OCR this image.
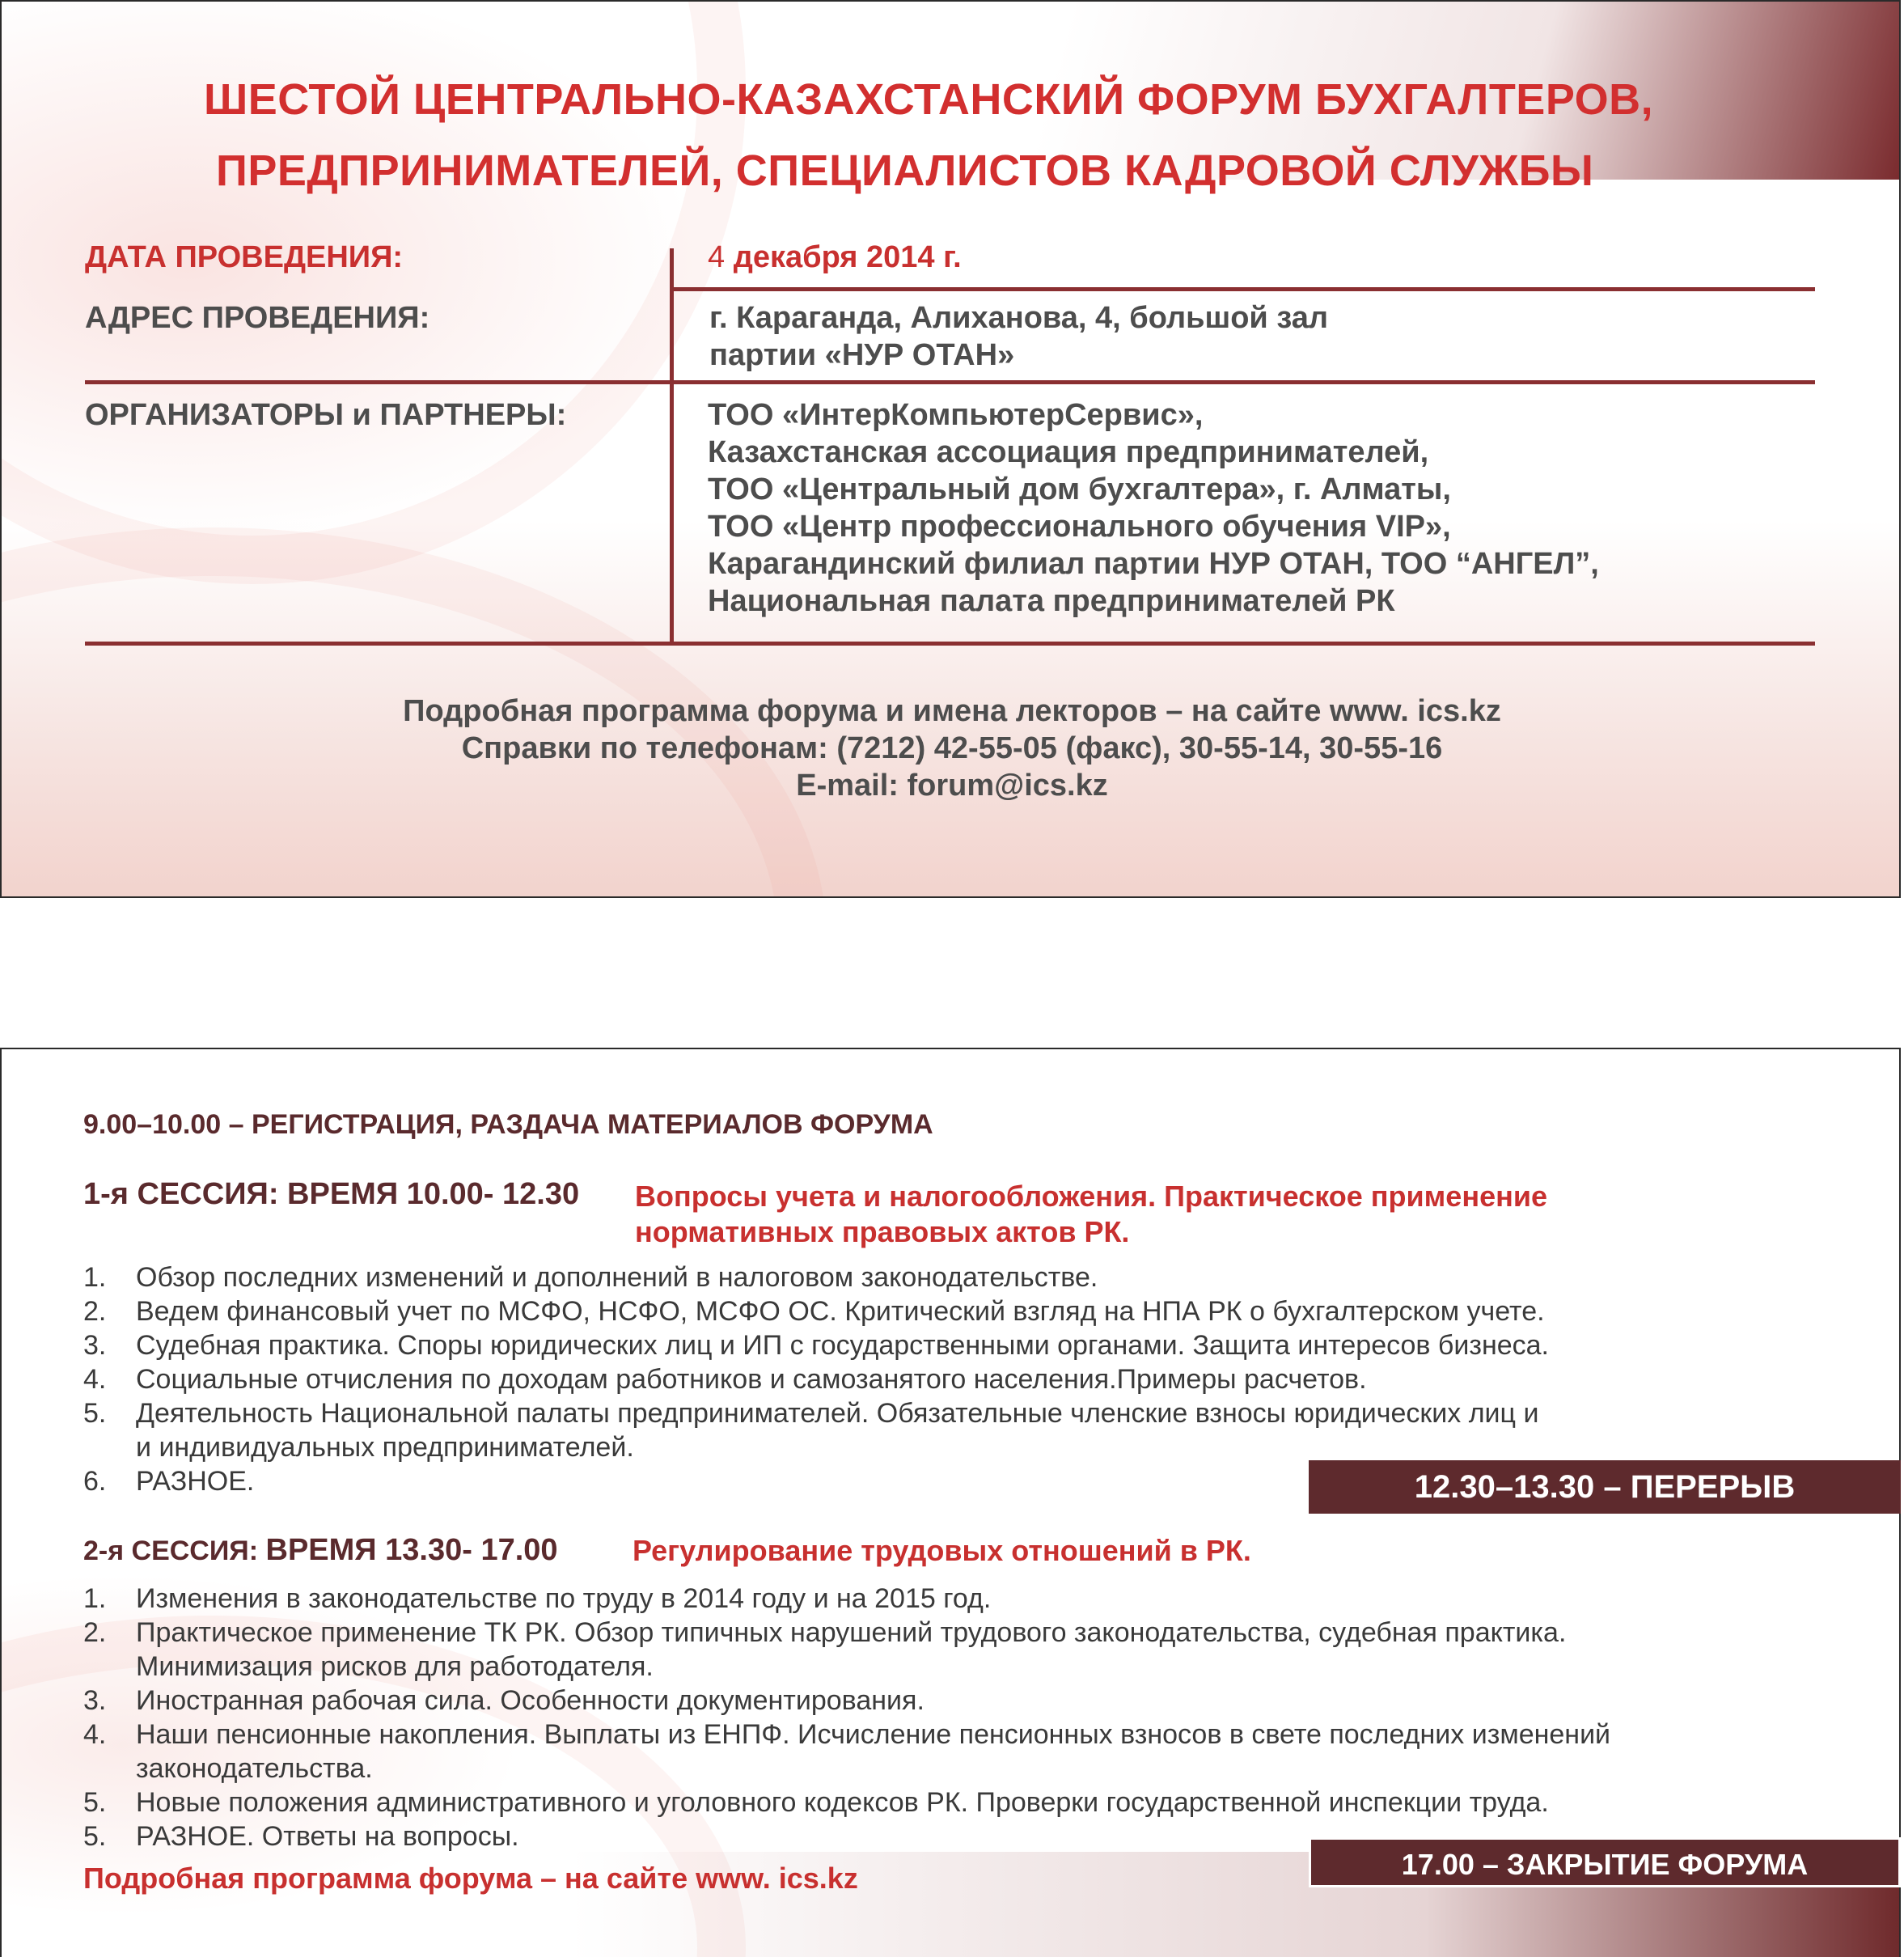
ШЕСТОЙ ЦЕНТРАЛЬНО-КАЗАХСТАНСКИЙ ФОРУМ БУХГАЛТЕРОВ,
ПРЕДПРИНИМАТЕЛЕЙ, СПЕЦИАЛИСТОВ КАДРОВОЙ СЛУЖБЫ
ДАТА ПРОВЕДЕНИЯ:	4 декабря 2014 г.
АДРЕС ПРОВЕДЕНИЯ:	г. Караганда, Алиханова, 4, большой зал
партии «НУР ОТАН»
ОРГАНИЗАТОРЫ и ПАРТНЕРЫ:	ТОО «ИнтерКомпьютерСервис»,
Казахстанская ассоциация предпринимателей,
ТОО «Центральный дом бухгалтера», г. Алматы,
ТОО «Центр профессионального обучения VIP»,
Карагандинский филиал партии НУР ОТАН, ТОО “АНГЕЛ”,
Национальная палата предпринимателей РК
Подробная программа форума и имена лекторов – на сайте www. ics.kz
Справки по телефонам: (7212) 42-55-05 (факс), 30-55-14, 30-55-16
E-mail: forum@ics.kz
9.00–10.00 – РЕГИСТРАЦИЯ, РАЗДАЧА МАТЕРИАЛОВ ФОРУМА
1-я СЕССИЯ: ВРЕМЯ 10.00- 12.30 Вопросы учета и налогообложения. Практическое применение
нормативных правовых актов РК.
1. Обзор последних изменений и дополнений в налоговом законодательстве.
2. Ведем финансовый учет по МСФО, НСФО, МСФО ОС. Критический взгляд на НПА РК о бухгалтерском учете.
3. Судебная практика. Споры юридических лиц и ИП с государственными органами. Защита интересов бизнеса.
4. Социальные отчисления по доходам работников и самозанятого населения.Примеры расчетов.
5. Деятельность Национальной палаты предпринимателей. Обязательные членские взносы юридических лиц и
и индивидуальных предпринимателей.
6. РАЗНОЕ.	12.30–13.30 – ПЕРЕРЫВ
2-я СЕССИЯ: ВРЕМЯ 13.30- 17.00	Регулирование трудовых отношений в РК.
1. Изменения в законодательстве по труду в 2014 году и на 2015 год.
2. Практическое применение ТК РК. Обзор типичных нарушений трудового законодательства, судебная практика.
Минимизация рисков для работодателя.
3. Иностранная рабочая сила. Особенности документирования.
4. Наши пенсионные накопления. Выплаты из ЕНПФ. Исчисление пенсионных взносов в свете последних изменений
законодательства.
5. Новые положения административного и уголовного кодексов РК. Проверки государственной инспекции труда.
5. РАЗНОЕ. Ответы на вопросы.
17.00 – ЗАКРЫТИЕ ФОРУМА
Подробная программа форума – на сайте www. ics.kz
